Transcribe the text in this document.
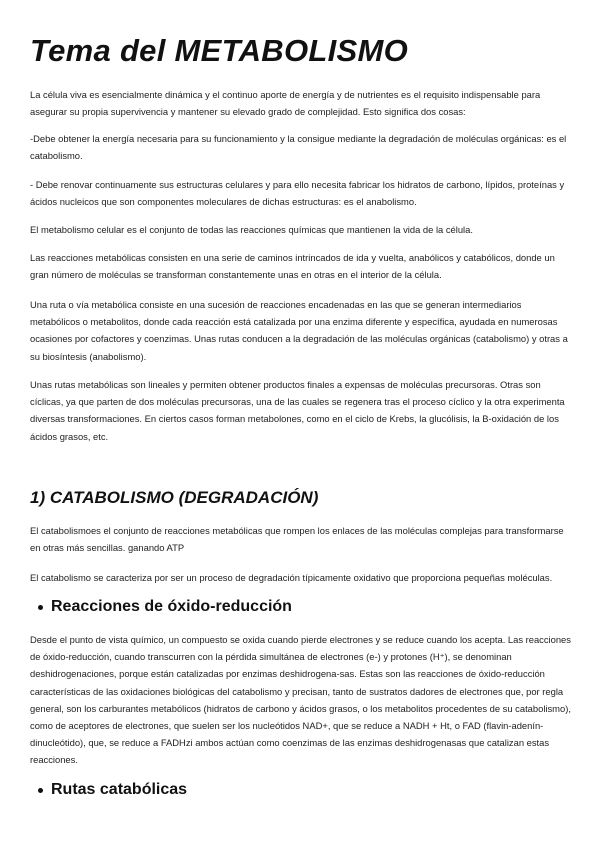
Tema del METABOLISMO

La célula viva es esencialmente dinámica y el continuo aporte de energía y de nutrientes es el requisito indispensable para asegurar su propia supervivencia y mantener su elevado grado de complejidad. Esto significa dos cosas:

-Debe obtener la energía necesaria para su funcionamiento y la consigue mediante la degradación de moléculas orgánicas: es el catabolismo.

- Debe renovar continuamente sus estructuras celulares y para ello necesita fabricar los hidratos de carbono, lípidos, proteínas y ácidos nucleicos que son componentes moleculares de dichas estructuras: es el anabolismo.

El metabolismo celular es el conjunto de todas las reacciones químicas que mantienen la vida de la célula.

Las reacciones metabólicas consisten en una serie de caminos intrincados de ida y vuelta, anabólicos y catabólicos, donde un gran número de moléculas se transforman constantemente unas en otras en el interior de la célula.

Una ruta o vía metabólica consiste en una sucesión de reacciones encadenadas en las que se generan intermediarios metabólicos o metabolitos, donde cada reacción está catalizada por una enzima diferente y específica, ayudada en numerosas ocasiones por cofactores y coenzimas. Unas rutas conducen a la degradación de las moléculas orgánicas (catabolismo) y otras a su biosíntesis (anabolismo).

Unas rutas metabólicas son lineales y permiten obtener productos finales a expensas de moléculas precursoras. Otras son cíclicas, ya que parten de dos moléculas precursoras, una de las cuales se regenera tras el proceso cíclico y la otra experimenta diversas transformaciones. En ciertos casos forman metabolones, como en el ciclo de Krebs, la glucólisis, la B-oxidación de los ácidos grasos, etc.

1) CATABOLISMO (DEGRADACIÓN)

El catabolismoes el conjunto de reacciones metabólicas que rompen los enlaces de las moléculas complejas para transformarse en otras más sencillas. ganando ATP

El catabolismo se caracteriza por ser un proceso de degradación típicamente oxidativo que proporciona pequeñas moléculas.

Reacciones de óxido-reducción

Desde el punto de vista químico, un compuesto se oxida cuando pierde electrones y se reduce cuando los acepta. Las reacciones de óxido-reducción, cuando transcurren con la pérdida simultánea de electrones (e-) y protones (H⁺), se denominan deshidrogenaciones, porque están catalizadas por enzimas deshidrogena-sas. Estas son las reacciones de óxido-reducción características de las oxidaciones biológicas del catabolismo y precisan, tanto de sustratos dadores de electrones que, por regla general, son los carburantes metabólicos (hidratos de carbono y ácidos grasos, o los metabolitos procedentes de su catabolismo), como de aceptores de electrones, que suelen ser los nucleótidos NAD+, que se reduce a NADH + Ht, o FAD (flavin-adenín-dinucleótido), que, se reduce a FADHzi ambos actúan como coenzimas de las enzimas deshidrogenasas que catalizan estas reacciones.

Rutas catabólicas
